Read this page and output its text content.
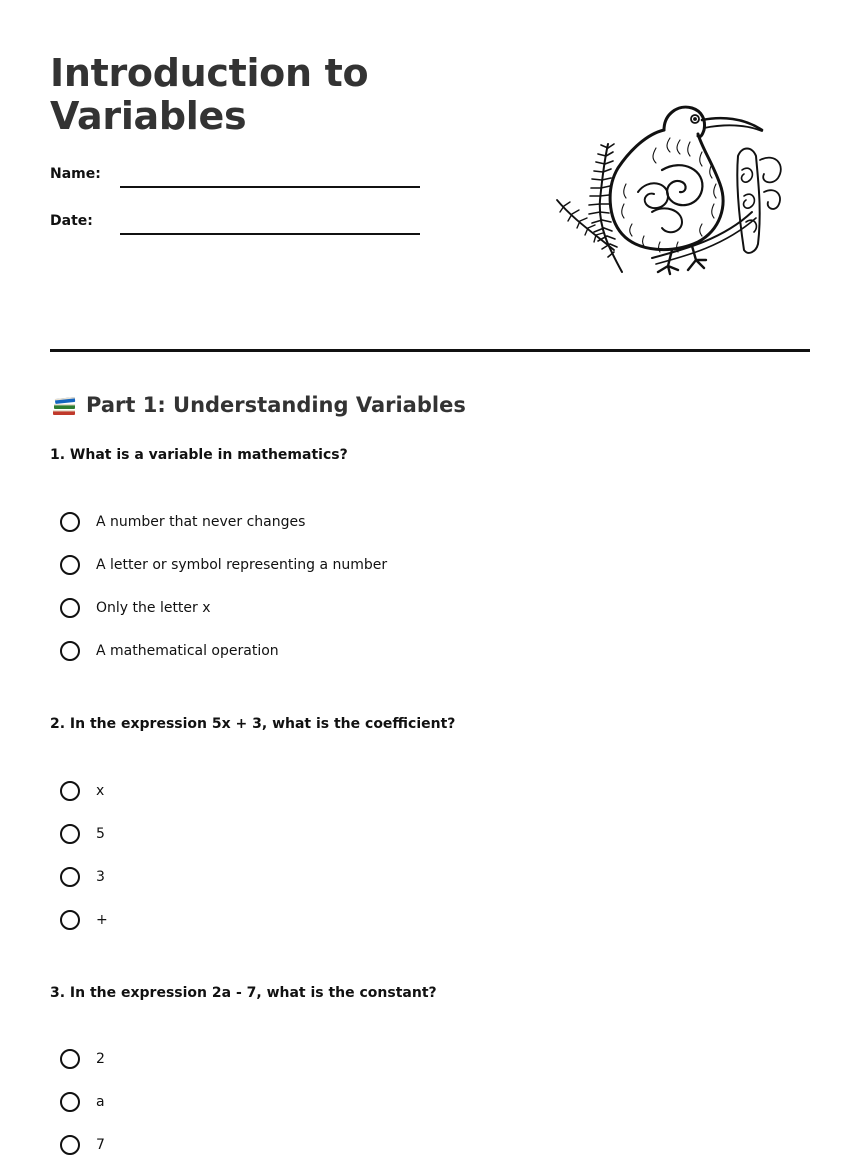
Introduction to Variables
Name:
Date:
Part 1: Understanding Variables

1. What is a variable in mathematics?

A number that never changes
A letter or symbol representing a number
Only the letter x
A mathematical operation

2. In the expression 5x + 3, what is the coefficient?

x
5
3
+

3. In the expression 2a - 7, what is the constant?

2
a
7
